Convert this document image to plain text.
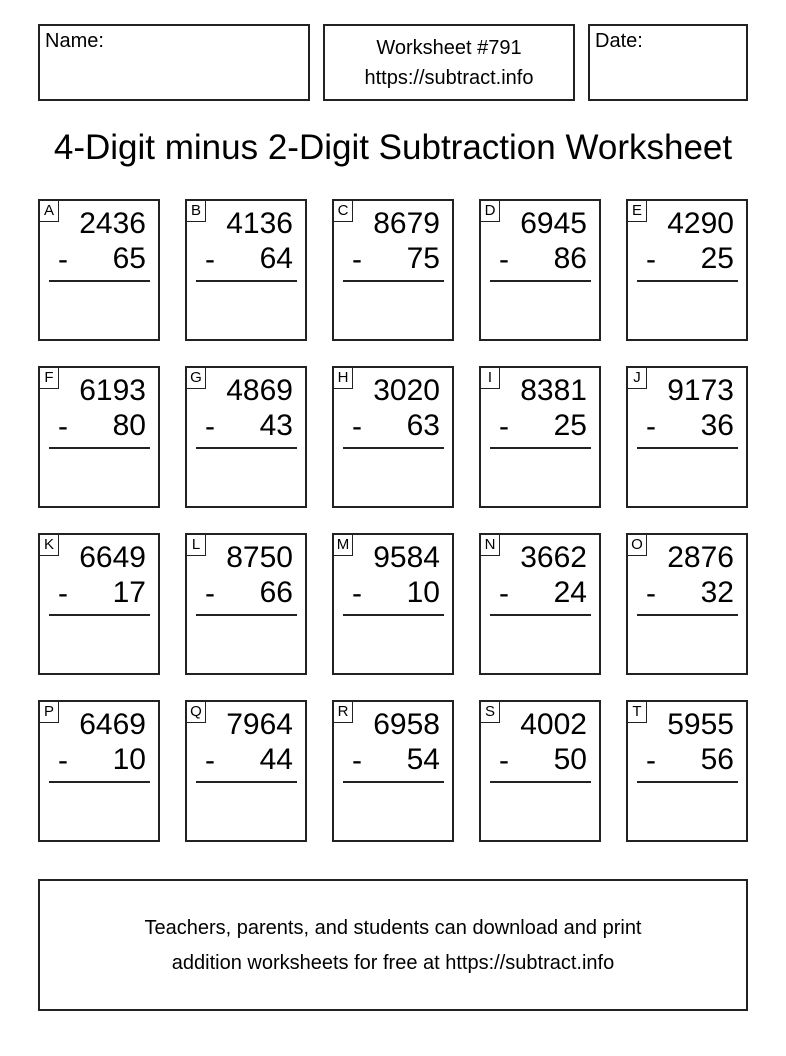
Name:	Worksheet #791
https://subtract.info
Date:
4-Digit minus 2-Digit Subtraction Worksheet
A 2436
- 65
B 4136
- 64
C 8679
- 75
D 6945
- 86
E 4290
- 25
F 6193
- 80
G 4869
- 43
H 3020
- 63
I 8381
- 25
J 9173
- 36
K 6649
- 17
L 8750
- 66
M 9584
- 10
N 3662
- 24
O 2876
- 32
P 6469
- 10
Q 7964
- 44
R 6958
- 54
S 4002
- 50
T 5955
- 56
Teachers, parents, and students can download and print
addition worksheets for free at https://subtract.info
